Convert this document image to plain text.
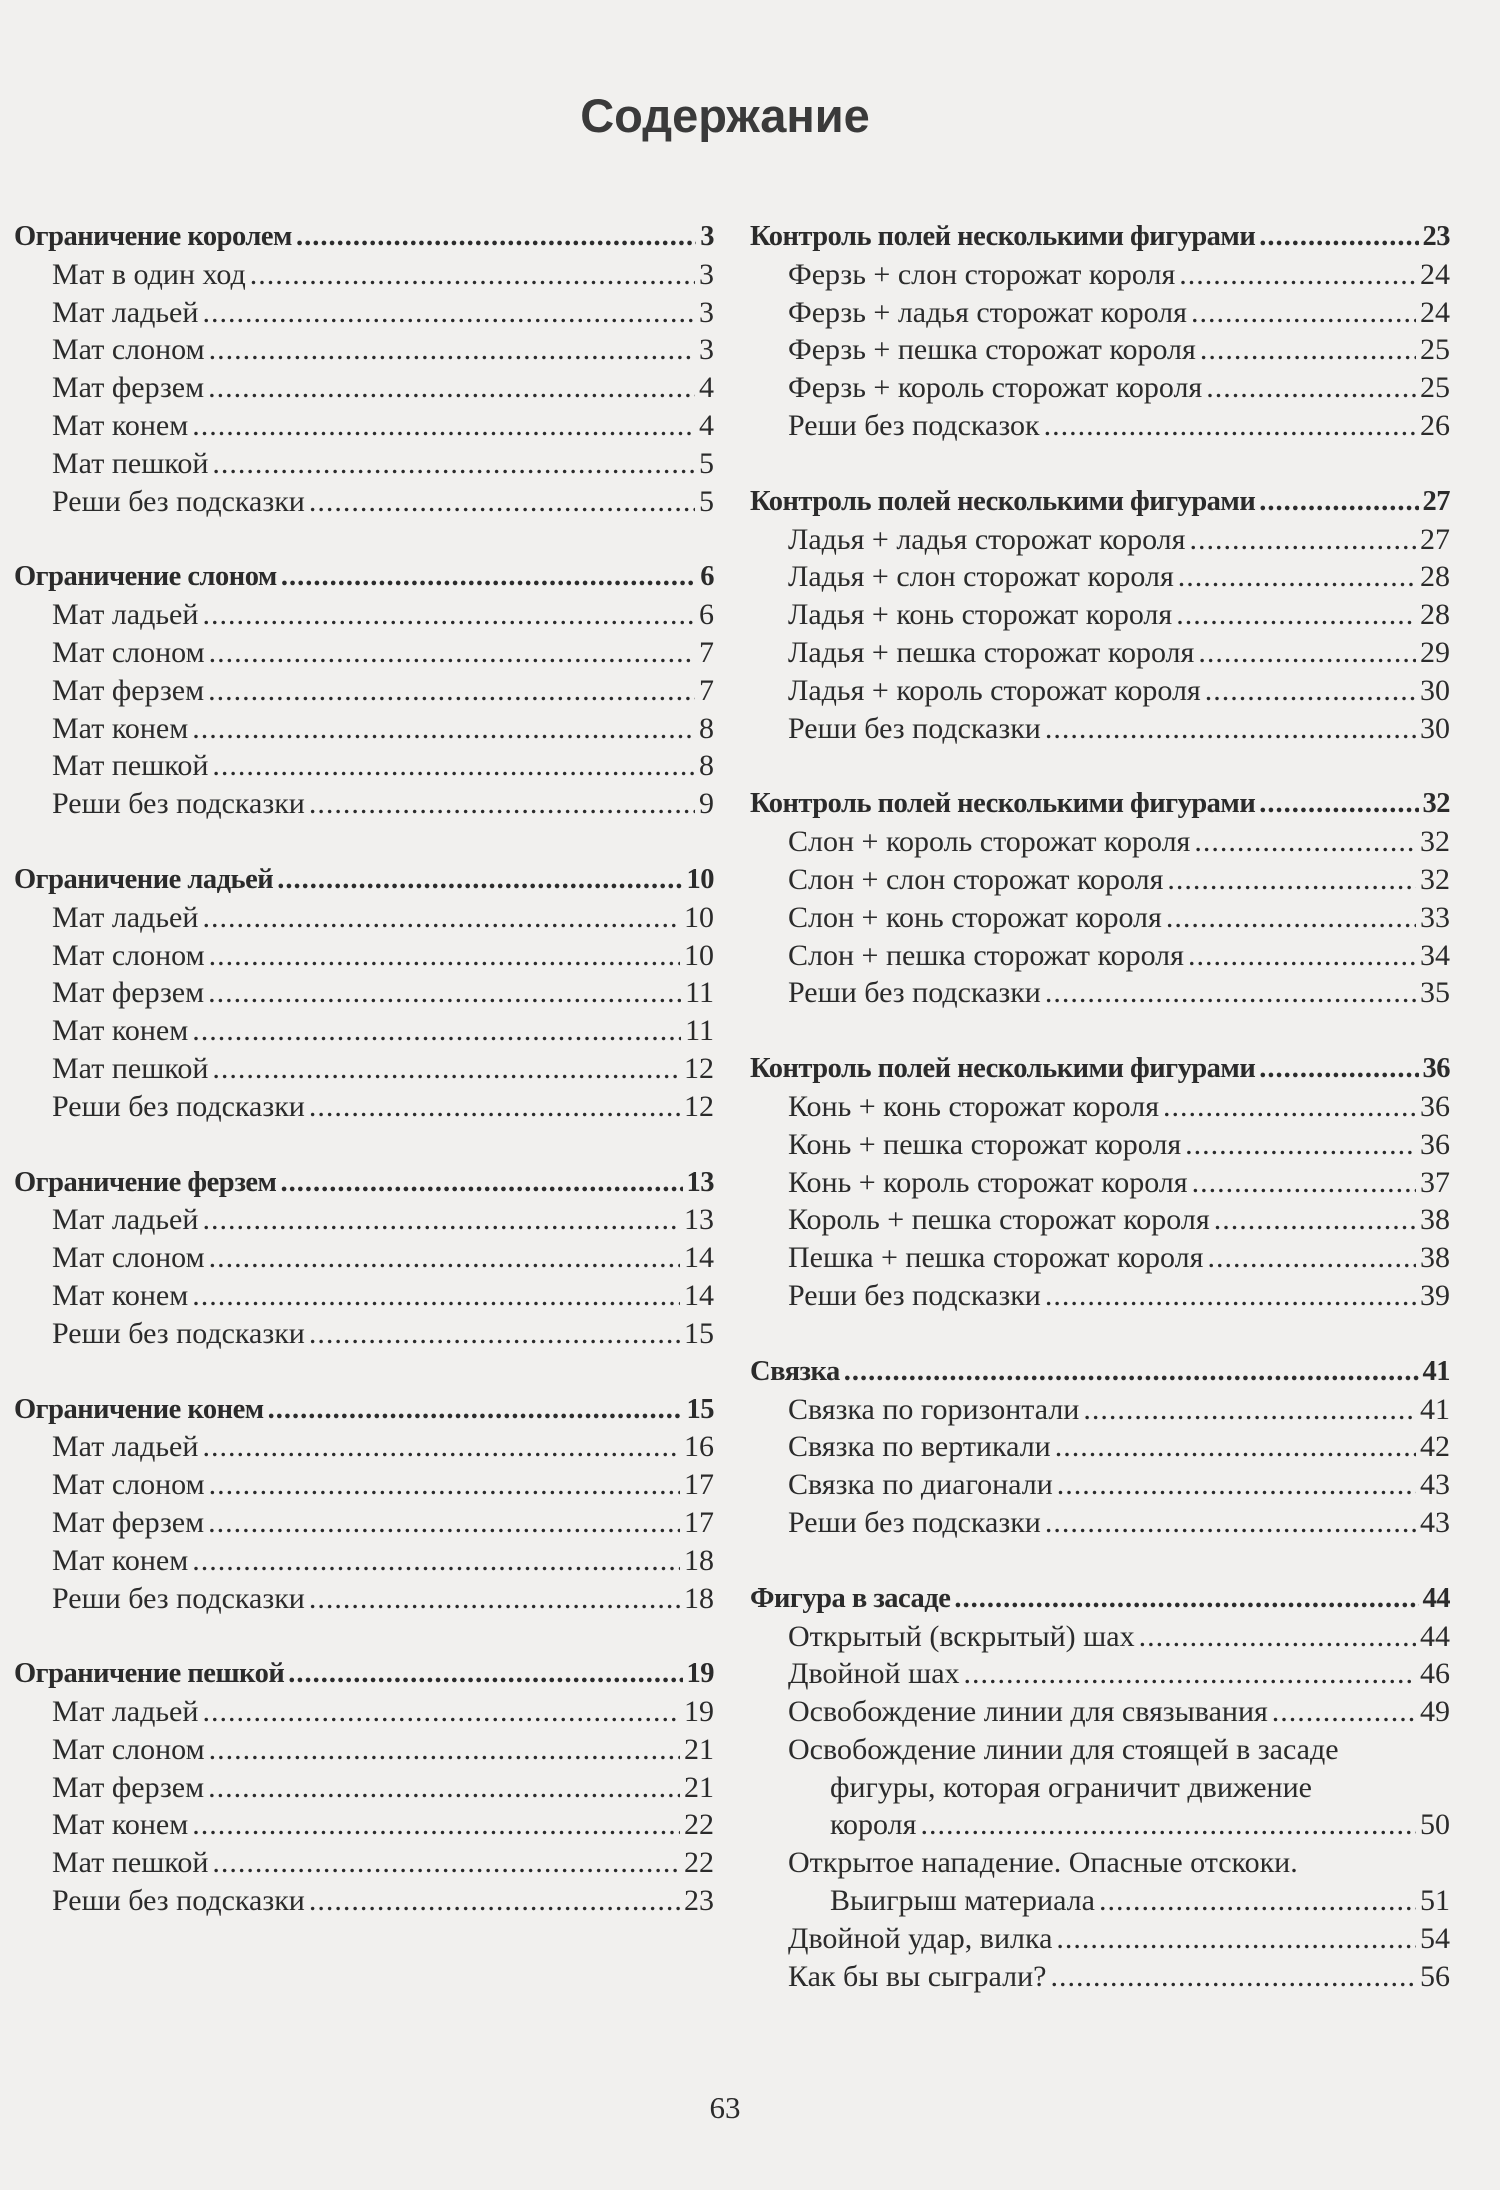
Содержание
Ограничение королем .....	3
Мат в один ход .....	3
Мат ладьей .....	3
Мат слоном .....	3
Мат ферзем .....	4
Мат конем .....	4
Мат пешкой .....	5
Реши без подсказки .....	5
Ограничение слоном .....	6
Мат ладьей .....	6
Мат слоном .....	7
Мат ферзем .....	7
Мат конем .....	8
Мат пешкой .....	8
Реши без подсказки .....	9
Ограничение ладьей .....	10
Мат ладьей .....	10
Мат слоном .....	10
Мат ферзем .....	11
Мат конем .....	11
Мат пешкой .....	12
Реши без подсказки .....	12
Ограничение ферзем .....	13
Мат ладьей .....	13
Мат слоном .....	14
Мат конем .....	14
Реши без подсказки .....	15
Ограничение конем .....	15
Мат ладьей .....	16
Мат слоном .....	17
Мат ферзем .....	17
Мат конем .....	18
Реши без подсказки .....	18
Ограничение пешкой .....	19
Мат ладьей .....	19
Мат слоном .....	21
Мат ферзем .....	21
Мат конем .....	22
Мат пешкой .....	22
Реши без подсказки .....	23
Контроль полей несколькими фигурами .....	23
Ферзь + слон сторожат короля .....	24
Ферзь + ладья сторожат короля .....	24
Ферзь + пешка сторожат короля .....	25
Ферзь + король сторожат короля .....	25
Реши без подсказок .....	26
Контроль полей несколькими фигурами .....	27
Ладья + ладья сторожат короля .....	27
Ладья + слон сторожат короля .....	28
Ладья + конь сторожат короля .....	28
Ладья + пешка сторожат короля .....	29
Ладья + король сторожат короля .....	30
Реши без подсказки .....	30
Контроль полей несколькими фигурами .....	32
Слон + король сторожат короля .....	32
Слон + слон сторожат короля .....	32
Слон + конь сторожат короля .....	33
Слон + пешка сторожат короля .....	34
Реши без подсказки .....	35
Контроль полей несколькими фигурами .....	36
Конь + конь сторожат короля .....	36
Конь + пешка сторожат короля .....	36
Конь + король сторожат короля .....	37
Король + пешка сторожат короля .....	38
Пешка + пешка сторожат короля .....	38
Реши без подсказки .....	39
Связка .....	41
Связка по горизонтали .....	41
Связка по вертикали .....	42
Связка по диагонали .....	43
Реши без подсказки .....	43
Фигура в засаде .....	44
Открытый (вскрытый) шах .....	44
Двойной шах .....	46
Освобождение линии для связывания .....	49
Освобождение линии для стоящей в засаде
фигуры, которая ограничит движение
короля .....	50
Открытое нападение. Опасные отскоки.
Выигрыш материала .....	51
Двойной удар, вилка .....	54
Как бы вы сыграли? .....	56
63
